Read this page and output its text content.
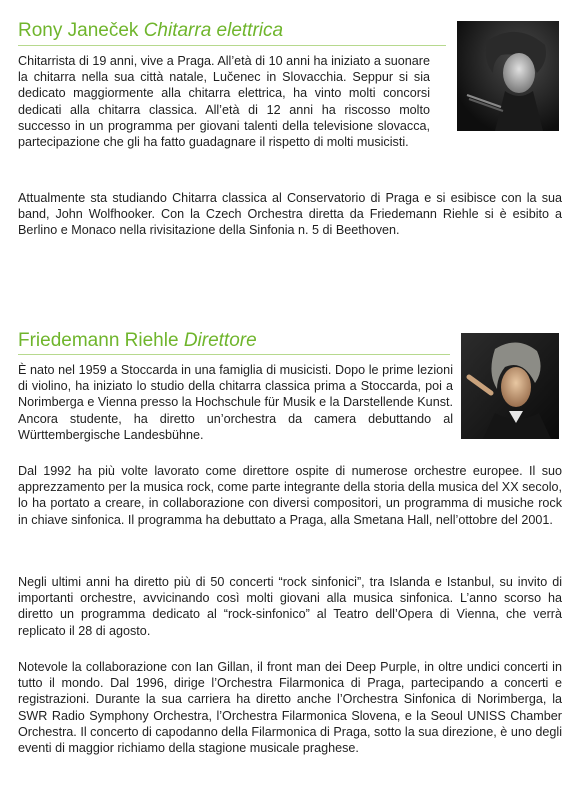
Rony Janeček Chitarra elettrica

Chitarrista di 19 anni, vive a Praga. All’età di 10 anni ha iniziato a suonare la chitarra nella sua città natale, Lučenec in Slovacchia. Seppur si sia dedicato maggiormente alla chitarra elettrica, ha vinto molti concorsi dedicati alla chitarra classica. All’età di 12 anni ha riscosso molto successo in un programma per giovani talenti della televisione slovacca, partecipazione che gli ha fatto guadagnare il rispetto di molti musicisti.

Attualmente sta studiando Chitarra classica al Conservatorio di Praga e si esibisce con la sua band, John Wolfhooker. Con la Czech Orchestra diretta da Friedemann Riehle si è esibito a Berlino e Monaco nella rivisitazione della Sinfonia n. 5 di Beethoven.

Friedemann Riehle Direttore

È nato nel 1959 a Stoccarda in una famiglia di musicisti. Dopo le prime lezioni di violino, ha iniziato lo studio della chitarra classica prima a Stoccarda, poi a Norimberga e Vienna presso la Hochschule für Musik e la Darstellende Kunst. Ancora studente, ha diretto un’orchestra da camera debuttando al Württembergische Landesbühne.

Dal 1992 ha più volte lavorato come direttore ospite di numerose orchestre europee. Il suo apprezzamento per la musica rock, come parte integrante della storia della musica del XX secolo, lo ha portato a creare, in collaborazione con diversi compositori, un programma di musiche rock in chiave sinfonica. Il programma ha debuttato a Praga, alla Smetana Hall, nell’ottobre del 2001.

Negli ultimi anni ha diretto più di 50 concerti “rock sinfonici”, tra Islanda e Istanbul, su invito di importanti orchestre, avvicinando così molti giovani alla musica sinfonica. L’anno scorso ha diretto un programma dedicato al “rock-sinfonico” al Teatro dell’Opera di Vienna, che verrà replicato il 28 di agosto.

Notevole la collaborazione con Ian Gillan, il front man dei Deep Purple, in oltre undici concerti in tutto il mondo. Dal 1996, dirige l’Orchestra Filarmonica di Praga, partecipando a concerti e registrazioni. Durante la sua carriera ha diretto anche l’Orchestra Sinfonica di Norimberga, la SWR Radio Symphony Orchestra, l’Orchestra Filarmonica Slovena, e la Seoul UNISS Chamber Orchestra. Il concerto di capodanno della Filarmonica di Praga, sotto la sua direzione, è uno degli eventi di maggior richiamo della stagione musicale praghese.
